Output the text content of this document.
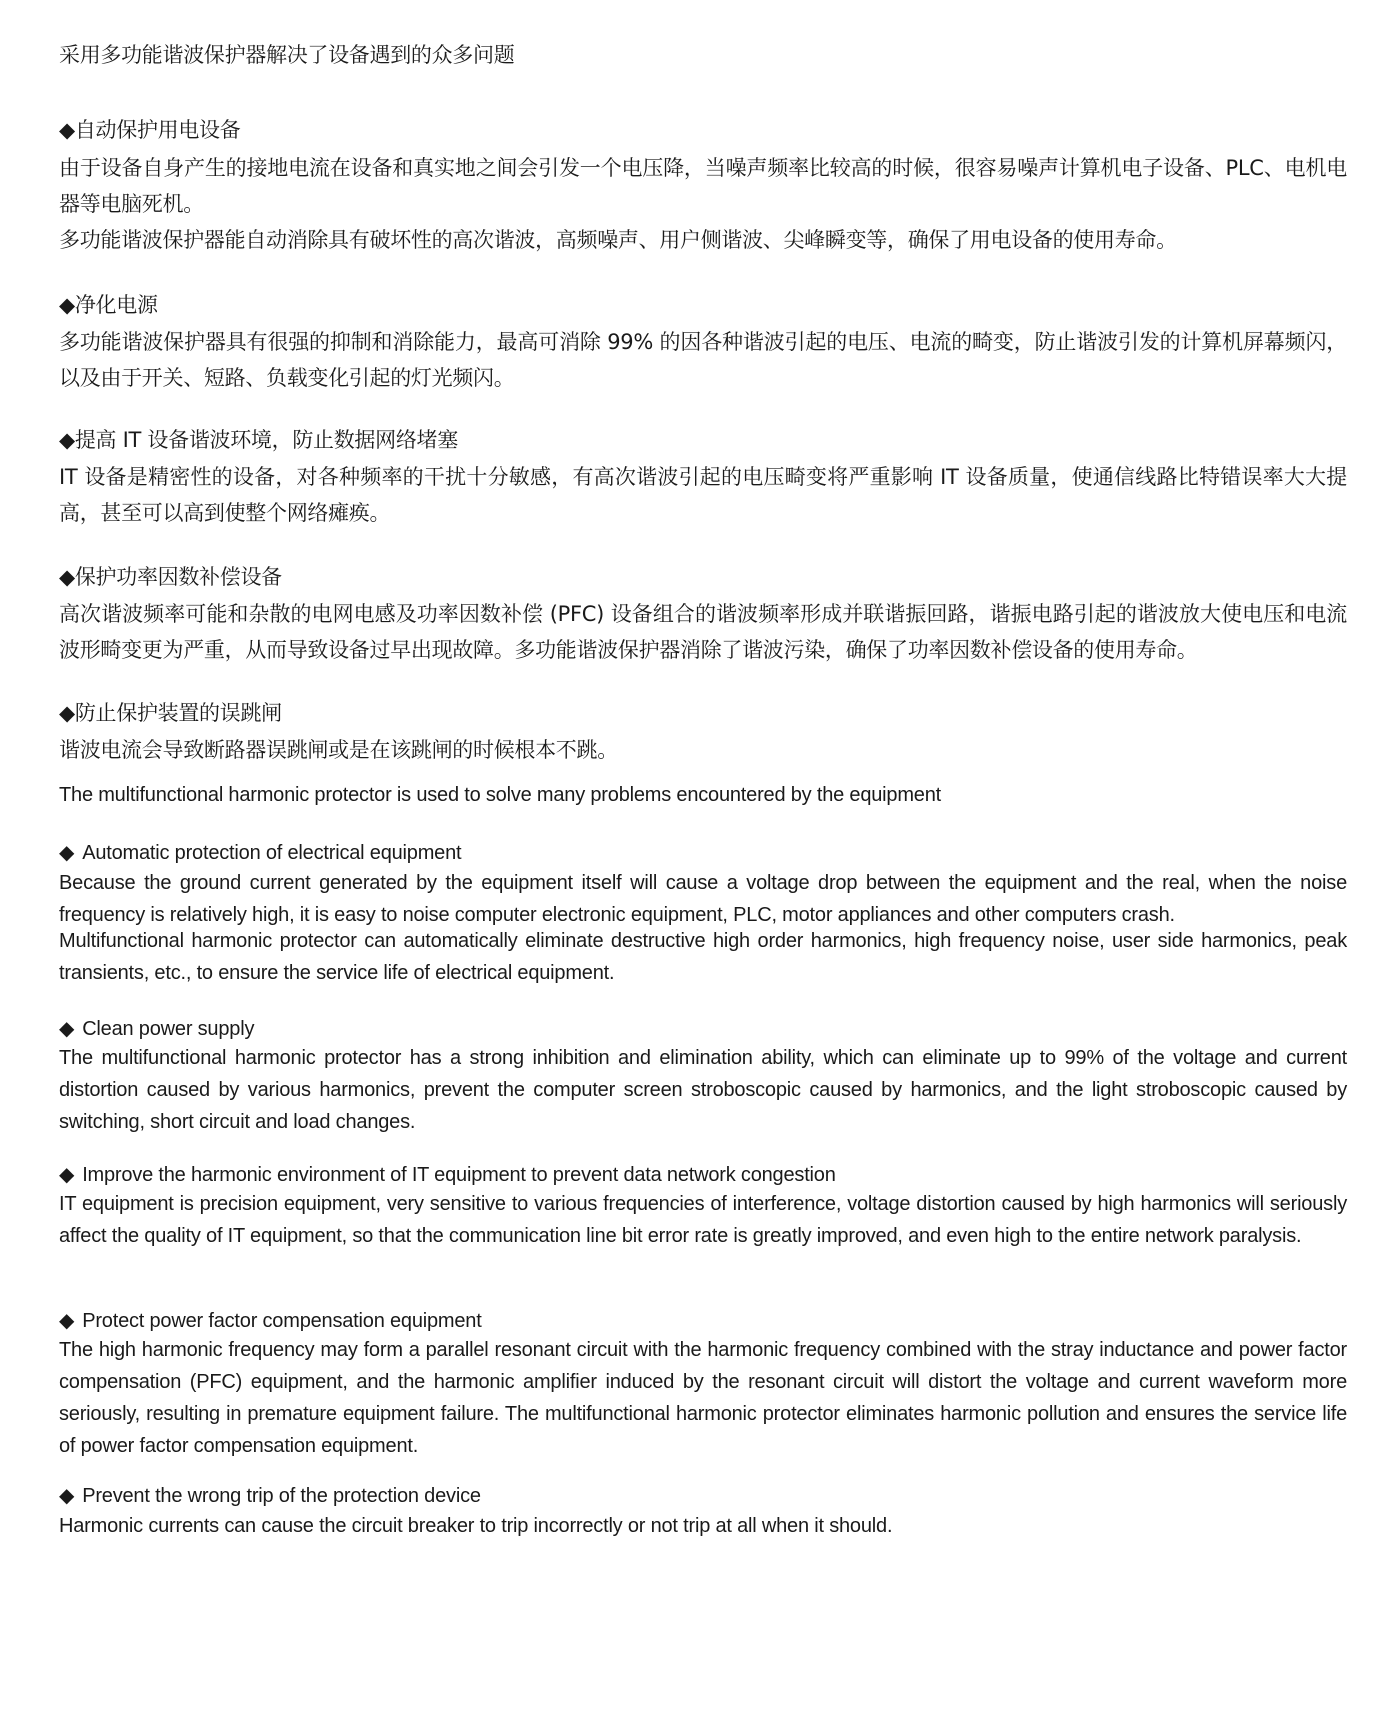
采用多功能谐波保护器解决了设备遇到的众多问题

◆自动保护用电设备

由于设备自身产生的接地电流在设备和真实地之间会引发一个电压降，当噪声频率比较高的时候，很容易噪声计算机电子设备、PLC、电机电器等电脑死机。

多功能谐波保护器能自动消除具有破坏性的高次谐波，高频噪声、用户侧谐波、尖峰瞬变等，确保了用电设备的使用寿命。

◆净化电源

多功能谐波保护器具有很强的抑制和消除能力，最高可消除 99% 的因各种谐波引起的电压、电流的畸变，防止谐波引发的计算机屏幕频闪，以及由于开关、短路、负载变化引起的灯光频闪。

◆提高 IT 设备谐波环境，防止数据网络堵塞

IT 设备是精密性的设备，对各种频率的干扰十分敏感，有高次谐波引起的电压畸变将严重影响 IT 设备质量，使通信线路比特错误率大大提高，甚至可以高到使整个网络瘫痪。

◆保护功率因数补偿设备

高次谐波频率可能和杂散的电网电感及功率因数补偿 (PFC) 设备组合的谐波频率形成并联谐振回路，谐振电路引起的谐波放大使电压和电流波形畸变更为严重，从而导致设备过早出现故障。多功能谐波保护器消除了谐波污染，确保了功率因数补偿设备的使用寿命。

◆防止保护装置的误跳闸

谐波电流会导致断路器误跳闸或是在该跳闸的时候根本不跳。

The multifunctional harmonic protector is used to solve many problems encountered by the equipment

◆ Automatic protection of electrical equipment

Because the ground current generated by the equipment itself will cause a voltage drop between the equipment and the real, when the noise frequency is relatively high, it is easy to noise computer electronic equipment, PLC, motor appliances and other computers crash.

Multifunctional harmonic protector can automatically eliminate destructive high order harmonics, high frequency noise, user side harmonics, peak transients, etc., to ensure the service life of electrical equipment.

◆ Clean power supply

The multifunctional harmonic protector has a strong inhibition and elimination ability, which can eliminate up to 99% of the voltage and current distortion caused by various harmonics, prevent the computer screen stroboscopic caused by harmonics, and the light stroboscopic caused by switching, short circuit and load changes.

◆ Improve the harmonic environment of IT equipment to prevent data network congestion

IT equipment is precision equipment, very sensitive to various frequencies of interference, voltage distortion caused by high harmonics will seriously affect the quality of IT equipment, so that the communication line bit error rate is greatly improved, and even high to the entire network paralysis.

◆ Protect power factor compensation equipment

The high harmonic frequency may form a parallel resonant circuit with the harmonic frequency combined with the stray inductance and power factor compensation (PFC) equipment, and the harmonic amplifier induced by the resonant circuit will distort the voltage and current waveform more seriously, resulting in premature equipment failure. The multifunctional harmonic protector eliminates harmonic pollution and ensures the service life of power factor compensation equipment.

◆ Prevent the wrong trip of the protection device

Harmonic currents can cause the circuit breaker to trip incorrectly or not trip at all when it should.
